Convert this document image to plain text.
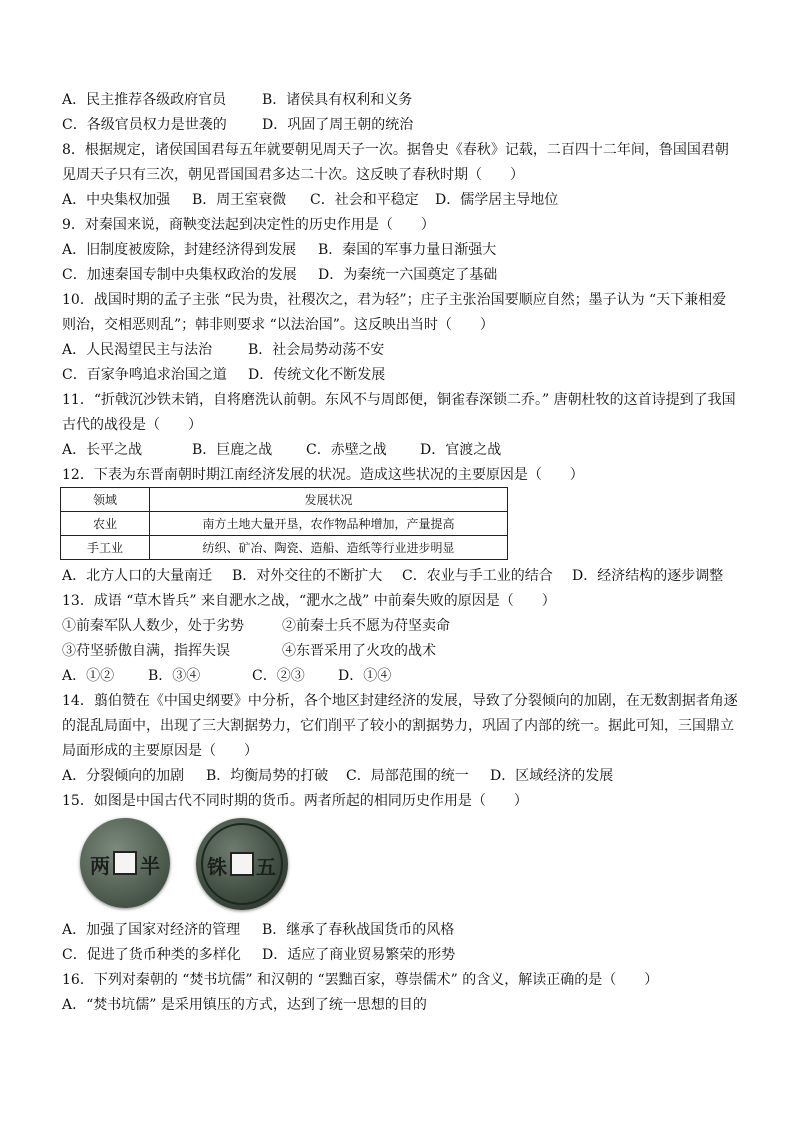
A．民主推荐各级政府官员	B．诸侯具有权利和义务
C．各级官员权力是世袭的	D．巩固了周王朝的统治
8．根据规定，诸侯国国君每五年就要朝见周天子一次。据鲁史《春秋》记载，二百四十二年间，鲁国国君朝
见周天子只有三次，朝见晋国国君多达二十次。这反映了春秋时期（　　）
A．中央集权加强 B．周王室衰微 C．社会和平稳定 D．儒学居主导地位
9．对秦国来说，商鞅变法起到决定性的历史作用是（　　）
A．旧制度被废除，封建经济得到发展 B．秦国的军事力量日渐强大
C．加速秦国专制中央集权政治的发展 D．为秦统一六国奠定了基础
10．战国时期的孟子主张 “民为贵，社稷次之，君为轻”；庄子主张治国要顺应自然；墨子认为 “天下兼相爱
则治，交相恶则乱”；韩非则要求 “以法治国”。这反映出当时（　　）
A．人民渴望民主与法治	B．社会局势动荡不安
C．百家争鸣追求治国之道 D．传统文化不断发展
11．“折戟沉沙铁未销，自将磨洗认前朝。东风不与周郎便，铜雀春深锁二乔。” 唐朝杜牧的这首诗提到了我国
古代的战役是（　　）
A．长平之战	B．巨鹿之战 C．赤壁之战 D．官渡之战
12．下表为东晋南朝时期江南经济发展的状况。造成这些状况的主要原因是（　　）
领域	发展状况
农业	南方土地大量开垦，农作物品种增加，产量提高
手工业	纺织、矿冶、陶瓷、造船、造纸等行业进步明显
A．北方人口的大量南迁 B．对外交往的不断扩大 C．农业与手工业的结合 D．经济结构的逐步调整
13．成语 “草木皆兵” 来自淝水之战，“淝水之战” 中前秦失败的原因是（　　）
①前秦军队人数少，处于劣势	②前秦士兵不愿为苻坚卖命
③苻坚骄傲自满，指挥失误	④东晋采用了火攻的战术
A．①② B．③④	C．②③ D．①④
14．翦伯赞在《中国史纲要》中分析，各个地区封建经济的发展，导致了分裂倾向的加剧，在无数割据者角逐
的混乱局面中，出现了三大割据势力，它们削平了较小的割据势力，巩固了内部的统一。据此可知，三国鼎立
局面形成的主要原因是（　　）
A．分裂倾向的加剧 B．均衡局势的打破 C．局部范围的统一 D．区域经济的发展
15．如图是中国古代不同时期的货币。两者所起的相同历史作用是（　　）
两 半 铢 五
A．加强了国家对经济的管理 B．继承了春秋战国货币的风格
C．促进了货币种类的多样化 D．适应了商业贸易繁荣的形势
16．下列对秦朝的 “焚书坑儒” 和汉朝的 “罢黜百家，尊崇儒术” 的含义，解读正确的是（　　）
A．“焚书坑儒” 是采用镇压的方式，达到了统一思想的目的
